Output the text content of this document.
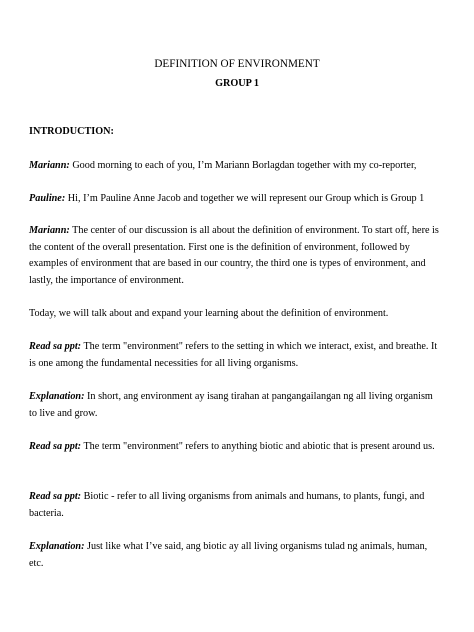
DEFINITION OF ENVIRONMENT
GROUP 1
INTRODUCTION:
Mariann: Good morning to each of you, I’m Mariann Borlagdan together with my co-reporter,
Pauline: Hi, I’m Pauline Anne Jacob and together we will represent our Group which is Group 1
Mariann: The center of our discussion is all about the definition of environment. To start off, here is the content of the overall presentation. First one is the definition of environment, followed by examples of environment that are based in our country, the third one is types of environment, and lastly, the importance of environment.
Today, we will talk about and expand your learning about the definition of environment.
Read sa ppt: The term "environment" refers to the setting in which we interact, exist, and breathe. It is one among the fundamental necessities for all living organisms.
Explanation: In short, ang environment ay isang tirahan at pangangailangan ng all living organism to live and grow.
Read sa ppt: The term "environment" refers to anything biotic and abiotic that is present around us.
Read sa ppt: Biotic - refer to all living organisms from animals and humans, to plants, fungi, and bacteria.
Explanation: Just like what I’ve said, ang biotic ay all living organisms tulad ng animals, human, etc.
